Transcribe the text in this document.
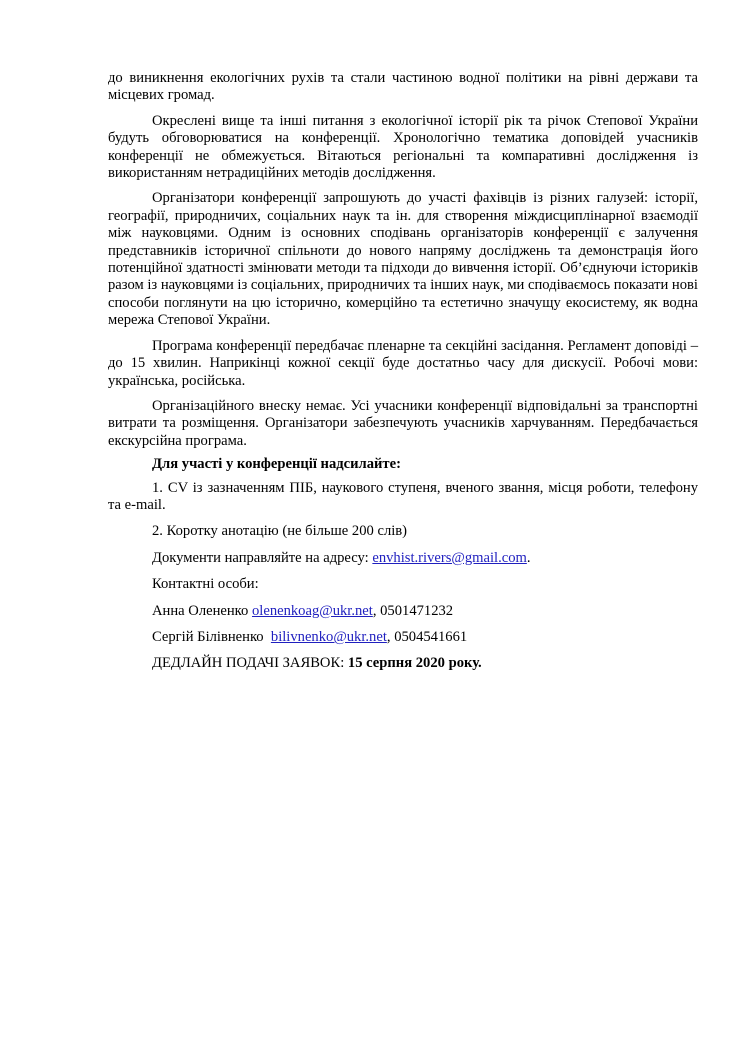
до виникнення екологічних рухів та стали частиною водної політики на рівні держави та місцевих громад.

Окреслені вище та інші питання з екологічної історії рік та річок Степової України будуть обговорюватися на конференції. Хронологічно тематика доповідей учасників конференції не обмежується. Вітаються регіональні та компаративні дослідження із використанням нетрадиційних методів дослідження.

Організатори конференції запрошують до участі фахівців із різних галузей: історії, географії, природничих, соціальних наук та ін. для створення міждисциплінарної взаємодії між науковцями. Одним із основних сподівань організаторів конференції є залучення представників історичної спільноти до нового напряму досліджень та демонстрація його потенційної здатності змінювати методи та підходи до вивчення історії. Об’єднуючи істориків разом із науковцями із соціальних, природничих та інших наук, ми сподіваємось показати нові способи поглянути на цю історично, комерційно та естетично значущу екосистему, як водна мережа Степової України.

Програма конференції передбачає пленарне та секційні засідання. Регламент доповіді – до 15 хвилин. Наприкінці кожної секції буде достатньо часу для дискусії. Робочі мови: українська, російська.

Організаційного внеску немає. Усі учасники конференції відповідальні за транспортні витрати та розміщення. Організатори забезпечують учасників харчуванням. Передбачається екскурсійна програма.

Для участі у конференції надсилайте:

1. CV із зазначенням ПІБ, наукового ступеня, вченого звання, місця роботи, телефону та e-mail.

2. Коротку анотацію (не більше 200 слів)

Документи направляйте на адресу: envhist.rivers@gmail.com.

Контактні особи:

Анна Олененко olenenkoag@ukr.net, 0501471232

Сергій Білівненко  bilivnenko@ukr.net, 0504541661

ДЕДЛАЙН ПОДАЧІ ЗАЯВОК: 15 серпня 2020 року.
